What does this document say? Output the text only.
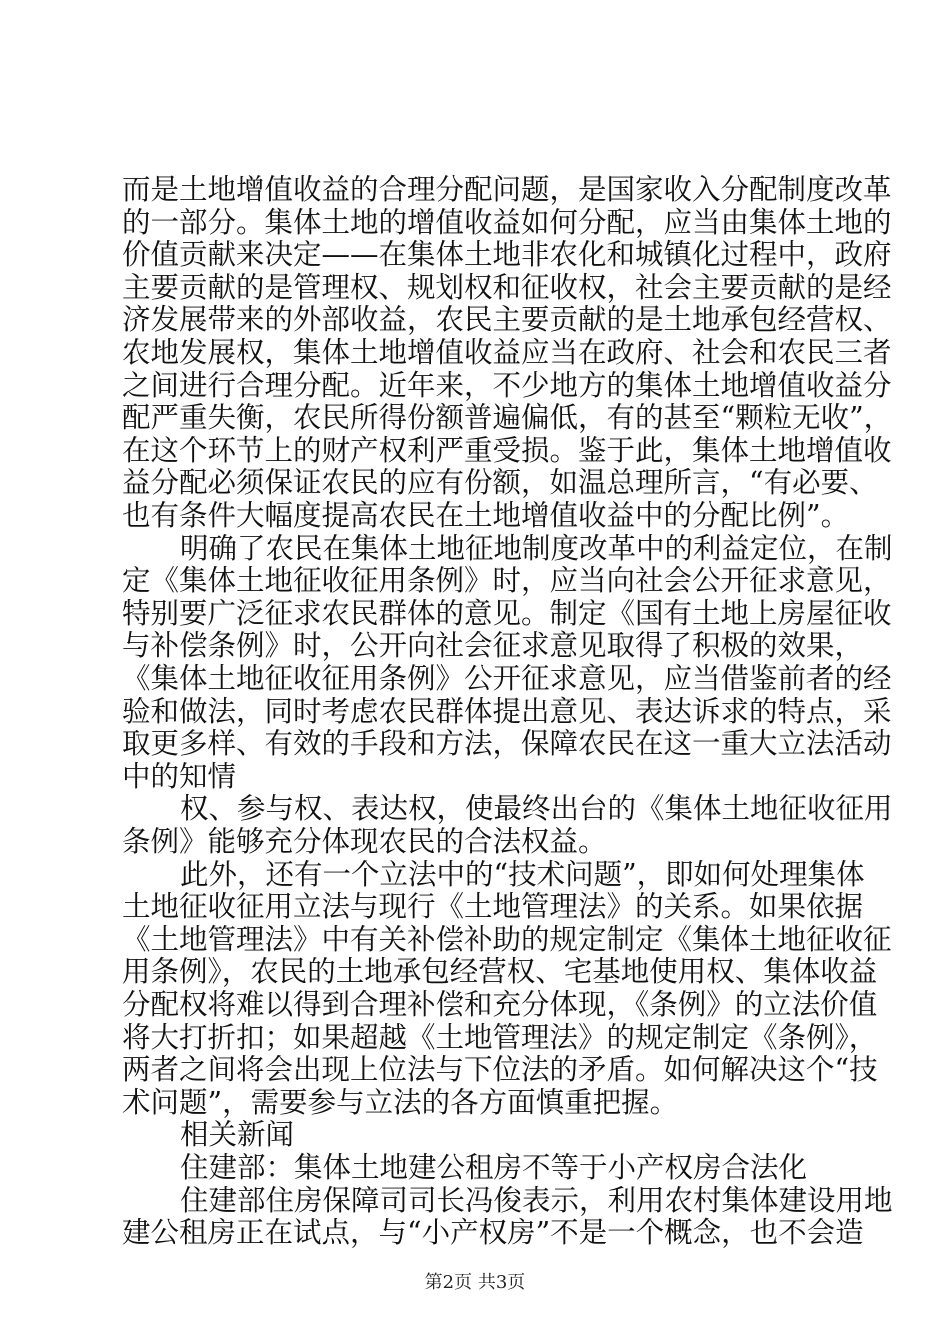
而是土地增值收益的合理分配问题，是国家收入分配制度改革

的一部分。集体土地的增值收益如何分配，应当由集体土地的

价值贡献来决定——在集体土地非农化和城镇化过程中，政府

主要贡献的是管理权、规划权和征收权，社会主要贡献的是经

济发展带来的外部收益，农民主要贡献的是土地承包经营权、

农地发展权，集体土地增值收益应当在政府、社会和农民三者

之间进行合理分配。近年来，不少地方的集体土地增值收益分

配严重失衡，农民所得份额普遍偏低，有的甚至“颗粒无收”，

在这个环节上的财产权利严重受损。鉴于此，集体土地增值收

益分配必须保证农民的应有份额，如温总理所言，“有必要、

也有条件大幅度提高农民在土地增值收益中的分配比例”。

明确了农民在集体土地征地制度改革中的利益定位，在制

定《集体土地征收征用条例》时，应当向社会公开征求意见，

特别要广泛征求农民群体的意见。制定《国有土地上房屋征收

与补偿条例》时，公开向社会征求意见取得了积极的效果，

《集体土地征收征用条例》公开征求意见，应当借鉴前者的经

验和做法，同时考虑农民群体提出意见、表达诉求的特点，采

取更多样、有效的手段和方法，保障农民在这一重大立法活动

中的知情

权、参与权、表达权，使最终出台的《集体土地征收征用

条例》能够充分体现农民的合法权益。

此外，还有一个立法中的“技术问题”，即如何处理集体

土地征收征用立法与现行《土地管理法》的关系。如果依据

《土地管理法》中有关补偿补助的规定制定《集体土地征收征

用条例》，农民的土地承包经营权、宅基地使用权、集体收益

分配权将难以得到合理补偿和充分体现，《条例》的立法价值

将大打折扣；如果超越《土地管理法》的规定制定《条例》，

两者之间将会出现上位法与下位法的矛盾。如何解决这个“技

术问题”，需要参与立法的各方面慎重把握。

相关新闻

住建部：集体土地建公租房不等于小产权房合法化

住建部住房保障司司长冯俊表示，利用农村集体建设用地

建公租房正在试点，与“小产权房”不是一个概念，也不会造

第2页 共3页
